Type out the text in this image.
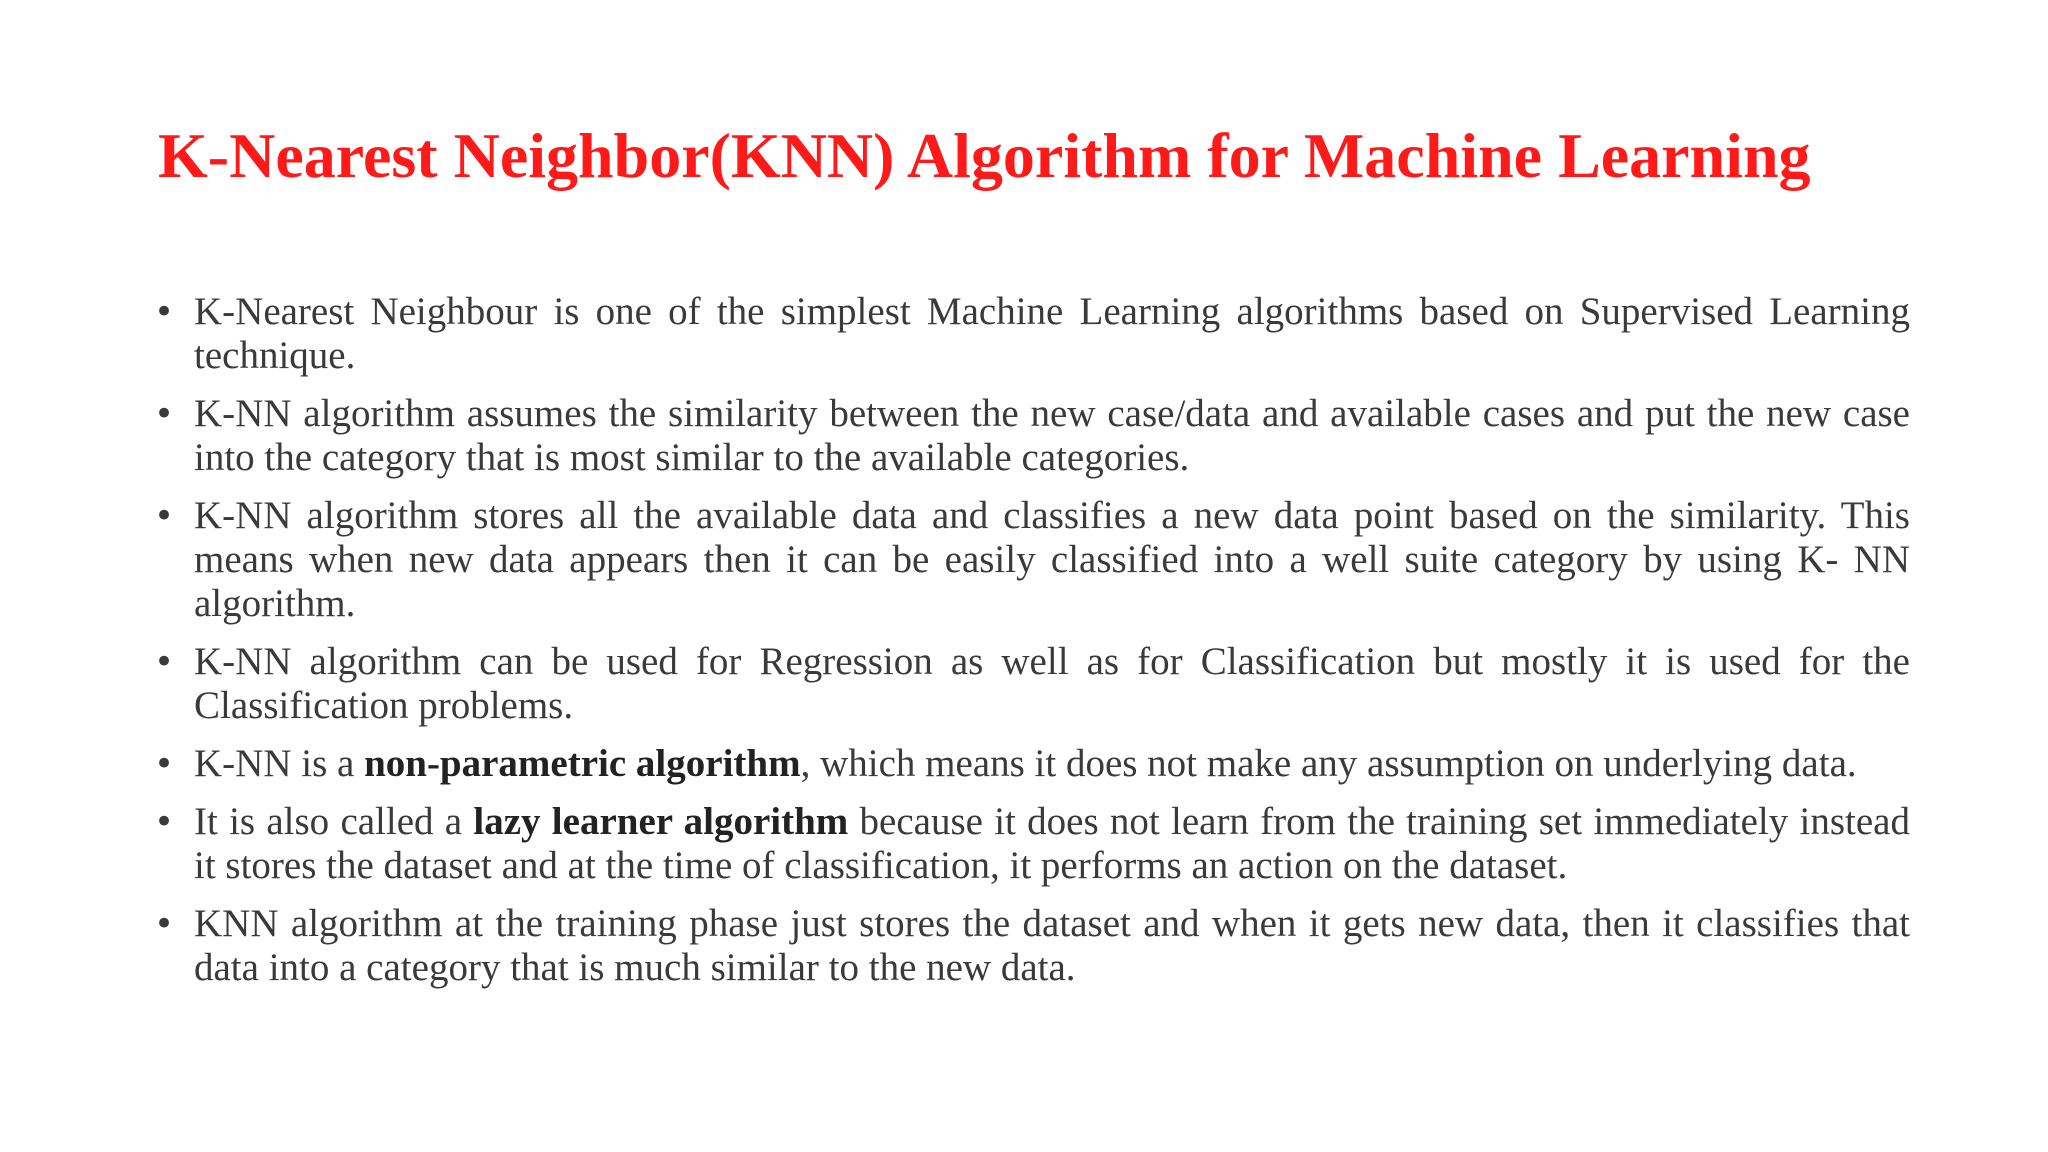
K-Nearest Neighbor(KNN) Algorithm for Machine Learning
• K-Nearest Neighbour is one of the simplest Machine Learning algorithms based on Supervised Learning technique.
• K-NN algorithm assumes the similarity between the new case/data and available cases and put the new case into the category that is most similar to the available categories.
• K-NN algorithm stores all the available data and classifies a new data point based on the similarity. This means when new data appears then it can be easily classified into a well suite category by using K- NN algorithm.
• K-NN algorithm can be used for Regression as well as for Classification but mostly it is used for the Classification problems.
• K-NN is a non-parametric algorithm, which means it does not make any assumption on underlying data.
• It is also called a lazy learner algorithm because it does not learn from the training set immediately instead it stores the dataset and at the time of classification, it performs an action on the dataset.
• KNN algorithm at the training phase just stores the dataset and when it gets new data, then it classifies that data into a category that is much similar to the new data.
